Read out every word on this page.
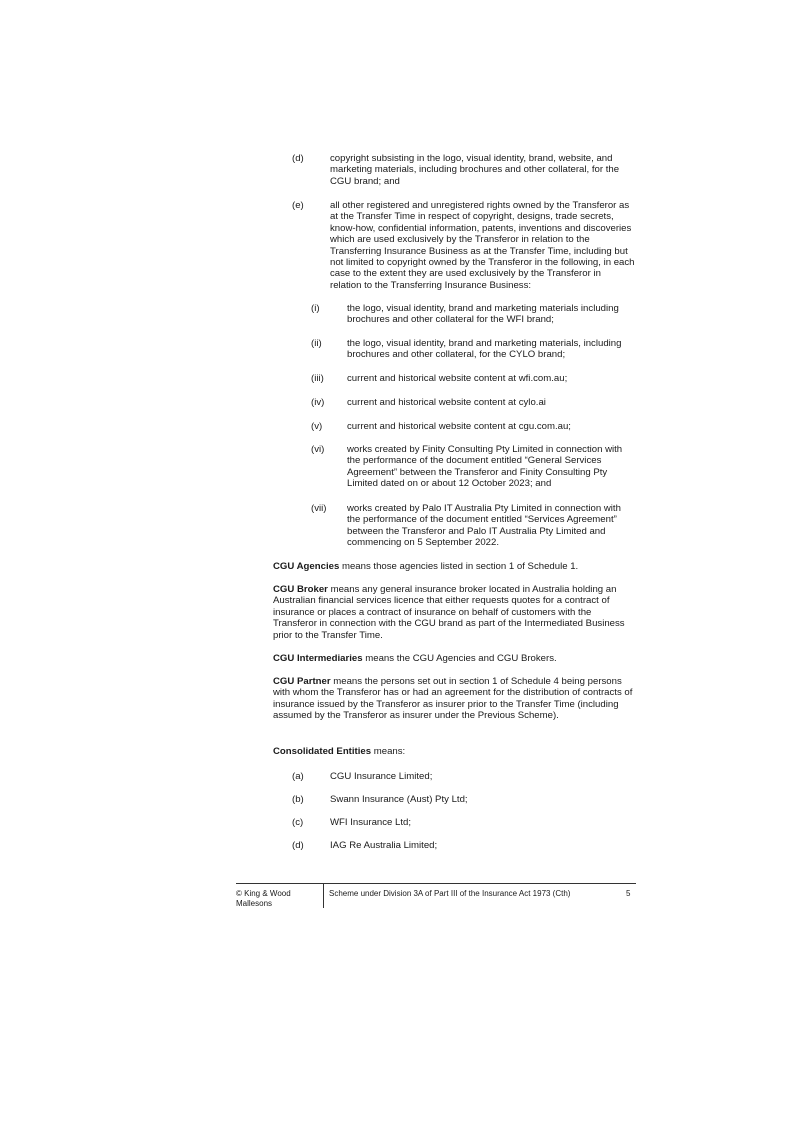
(d)	copyright subsisting in the logo, visual identity, brand, website, and marketing materials, including brochures and other collateral, for the CGU brand; and

(e)	all other registered and unregistered rights owned by the Transferor as at the Transfer Time in respect of copyright, designs, trade secrets, know-how, confidential information, patents, inventions and discoveries which are used exclusively by the Transferor in relation to the Transferring Insurance Business as at the Transfer Time, including but not limited to copyright owned by the Transferor in the following, in each case to the extent they are used exclusively by the Transferor in relation to the Transferring Insurance Business:

(i)	the logo, visual identity, brand and marketing materials including brochures and other collateral for the WFI brand;

(ii)	the logo, visual identity, brand and marketing materials, including brochures and other collateral, for the CYLO brand;

(iii) current and historical website content at wfi.com.au;

(iv) current and historical website content at cylo.ai

(v)	current and historical website content at cgu.com.au;

(vi) works created by Finity Consulting Pty Limited in connection with the performance of the document entitled “General Services Agreement” between the Transferor and Finity Consulting Pty Limited dated on or about 12 October 2023; and

(vii) works created by Palo IT Australia Pty Limited in connection with the performance of the document entitled “Services Agreement” between the Transferor and Palo IT Australia Pty Limited and commencing on 5 September 2022.

CGU Agencies means those agencies listed in section 1 of Schedule 1.

CGU Broker means any general insurance broker located in Australia holding an Australian financial services licence that either requests quotes for a contract of insurance or places a contract of insurance on behalf of customers with the Transferor in connection with the CGU brand as part of the Intermediated Business prior to the Transfer Time.

CGU Intermediaries means the CGU Agencies and CGU Brokers.

CGU Partner means the persons set out in section 1 of Schedule 4 being persons with whom the Transferor has or had an agreement for the distribution of contracts of insurance issued by the Transferor as insurer prior to the Transfer Time (including assumed by the Transferor as insurer under the Previous Scheme).

Consolidated Entities means:

(a)	CGU Insurance Limited;

(b)	Swann Insurance (Aust) Pty Ltd;

(c)	WFI Insurance Ltd;

(d)	IAG Re Australia Limited;

© King & Wood Mallesons

Scheme under Division 3A of Part III of the Insurance Act 1973 (Cth)	5
